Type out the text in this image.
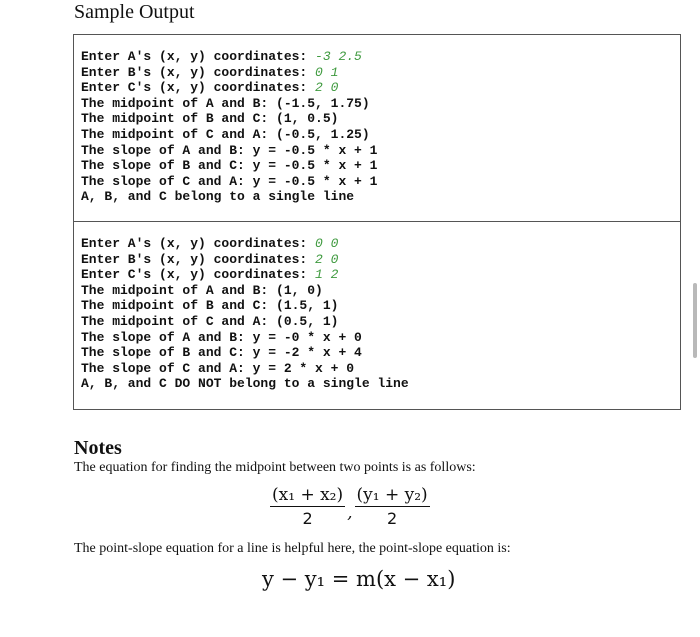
Sample Output
Enter A's (x, y) coordinates: -3 2.5
Enter B's (x, y) coordinates: 0 1
Enter C's (x, y) coordinates: 2 0
The midpoint of A and B: (-1.5, 1.75)
The midpoint of B and C: (1, 0.5)
The midpoint of C and A: (-0.5, 1.25)
The slope of A and B: y = -0.5 * x + 1
The slope of B and C: y = -0.5 * x + 1
The slope of C and A: y = -0.5 * x + 1
A, B, and C belong to a single line
Enter A's (x, y) coordinates: 0 0
Enter B's (x, y) coordinates: 2 0
Enter C's (x, y) coordinates: 1 2
The midpoint of A and B: (1, 0)
The midpoint of B and C: (1.5, 1)
The midpoint of C and A: (0.5, 1)
The slope of A and B: y = -0 * x + 0
The slope of B and C: y = -2 * x + 4
The slope of C and A: y = 2 * x + 0
A, B, and C DO NOT belong to a single line
Notes
The equation for finding the midpoint between two points is as follows:
$\frac{\text{(x₁ + x₂)}}{2}$ , $\frac{\text{(y₁ + y₂)}}{2}$
The point-slope equation for a line is helpful here, the point-slope equation is:
y − y₁ = m(x − x₁)
